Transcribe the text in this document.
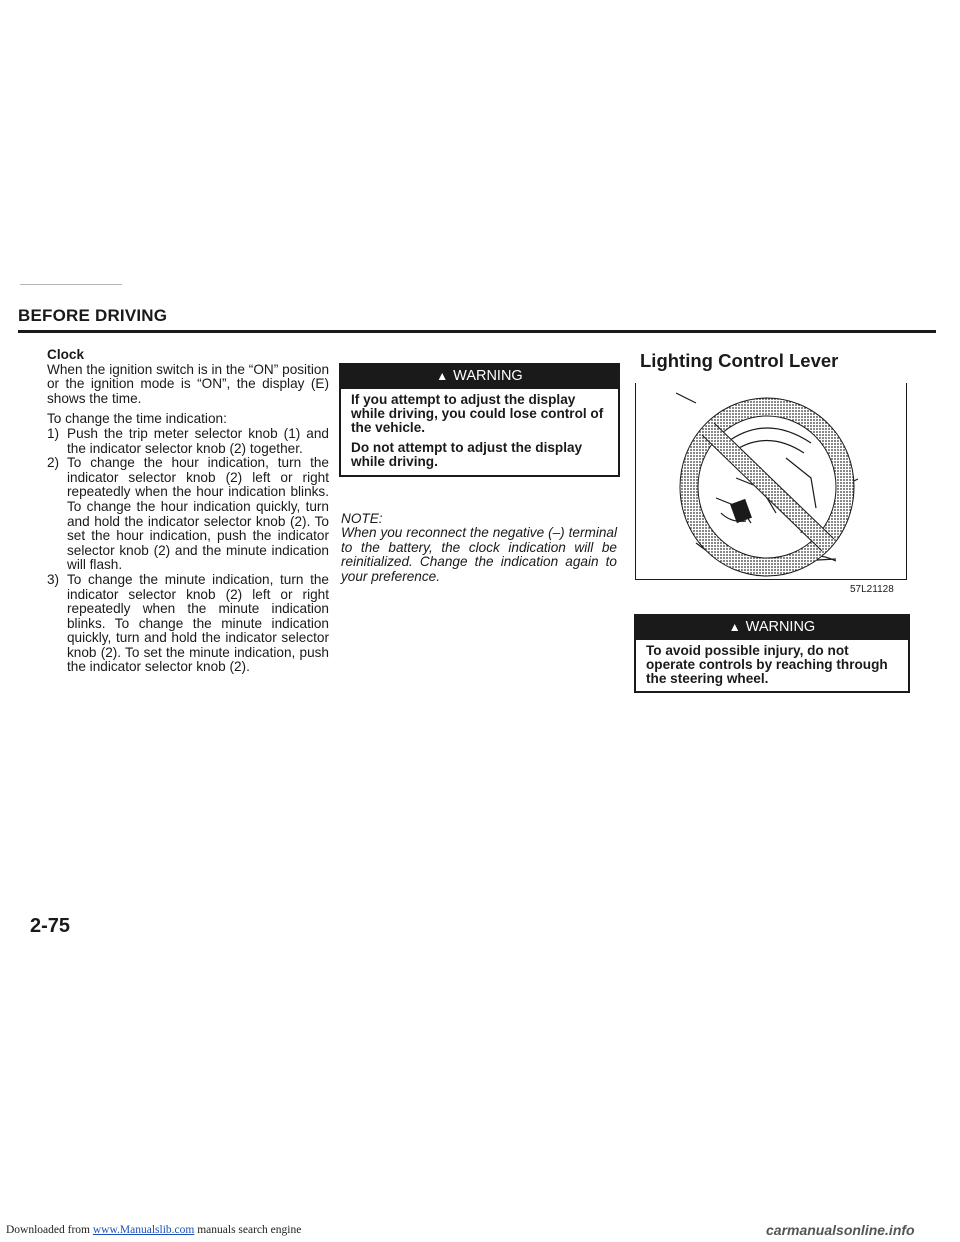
BEFORE DRIVING
Clock

When the ignition switch is in the “ON” position or the ignition mode is “ON”, the display (E) shows the time.

To change the time indication:

1) Push the trip meter selector knob (1) and the indicator selector knob (2) together.
2) To change the hour indication, turn the indicator selector knob (2) left or right repeatedly when the hour indication blinks. To change the hour indication quickly, turn and hold the indicator selector knob (2). To set the hour indication, push the indicator selector knob (2) and the minute indication will flash.
3) To change the minute indication, turn the indicator selector knob (2) left or right repeatedly when the minute indication blinks. To change the minute indication quickly, turn and hold the indicator selector knob (2). To set the minute indication, push the indicator selector knob (2).
▲ WARNING

If you attempt to adjust the display while driving, you could lose control of the vehicle.

Do not attempt to adjust the display while driving.

NOTE:

When you reconnect the negative (–) terminal to the battery, the clock indication will be reinitialized. Change the indication again to your preference.

Lighting Control Lever
57L21128
▲ WARNING

To avoid possible injury, do not operate controls by reaching through the steering wheel.

2-75
Downloaded from www.Manualslib.com manuals search engine	carmanualsonline.info
